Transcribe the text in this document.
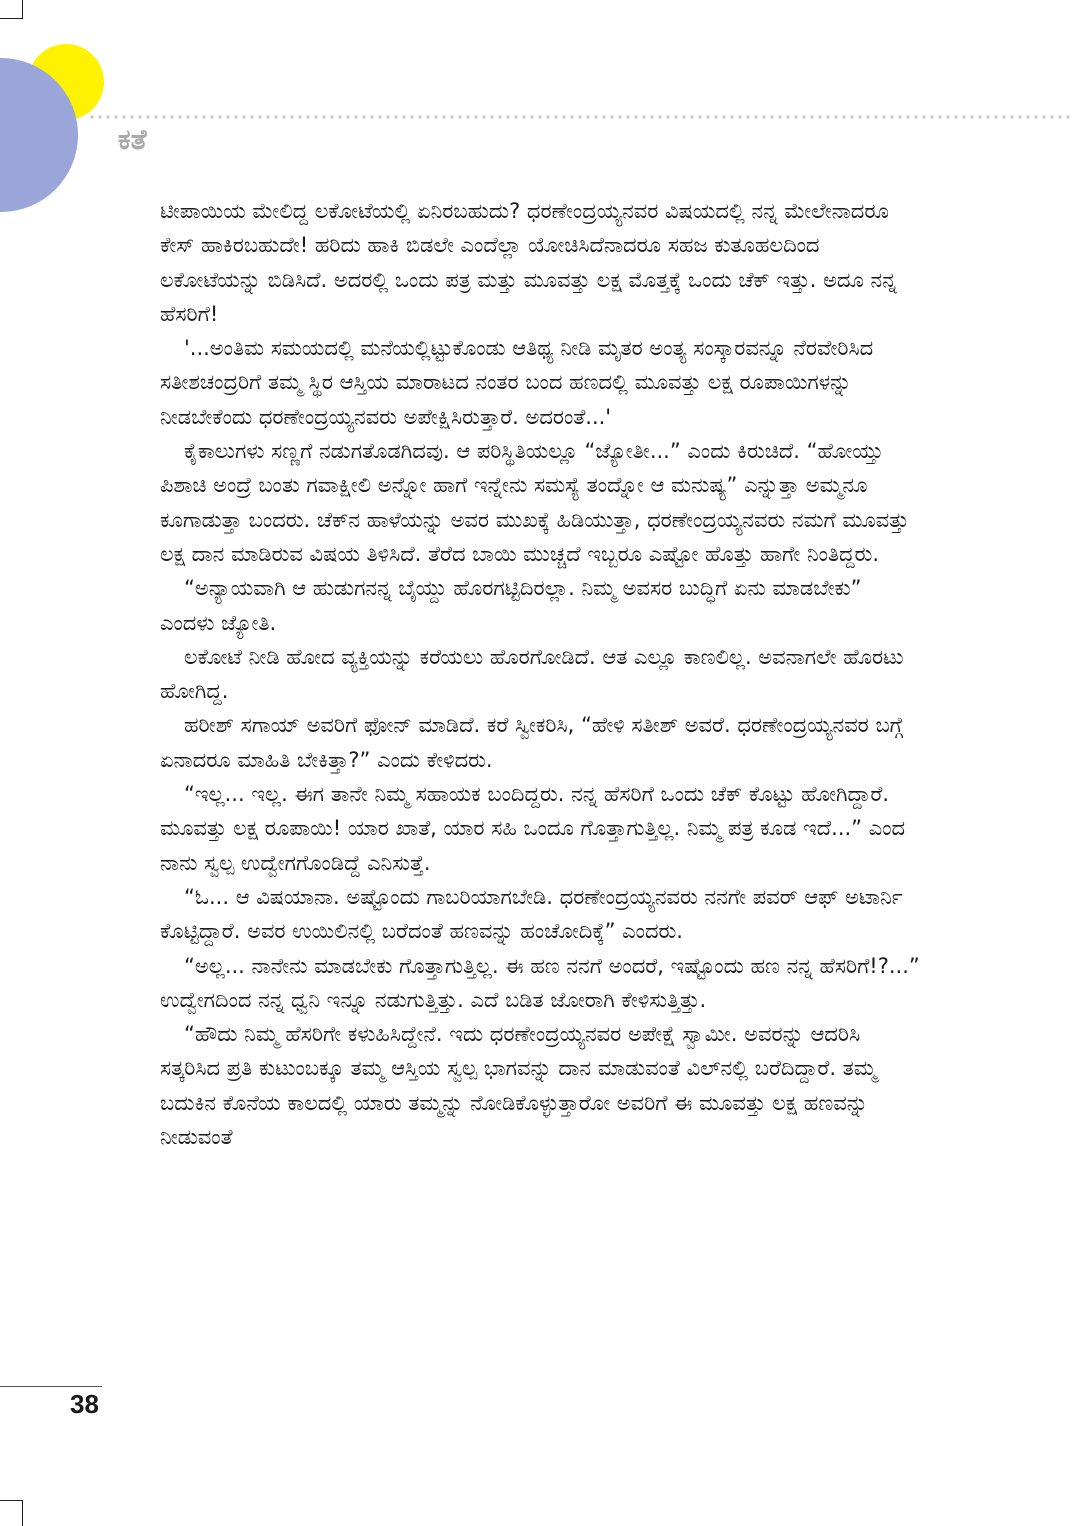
ಕತೆ

ಟೀಪಾಯಿಯ ಮೇಲಿದ್ದ ಲಕೋಟೆಯಲ್ಲಿ ಏನಿರಬಹುದು? ಧರಣೇಂದ್ರಯ್ಯನವರ ವಿಷಯದಲ್ಲಿ ನನ್ನ ಮೇಲೇನಾದರೂ ಕೇಸ್ ಹಾಕಿರಬಹುದೇ! ಹರಿದು ಹಾಕಿ ಬಿಡಲೇ ಎಂದೆಲ್ಲಾ ಯೋಚಿಸಿದೆನಾದರೂ ಸಹಜ ಕುತೂಹಲದಿಂದ ಲಕೋಟೆಯನ್ನು ಬಿಡಿಸಿದೆ. ಅದರಲ್ಲಿ ಒಂದು ಪತ್ರ ಮತ್ತು ಮೂವತ್ತು ಲಕ್ಷ ಮೊತ್ತಕ್ಕೆ ಒಂದು ಚೆಕ್ ಇತ್ತು. ಅದೂ ನನ್ನ ಹೆಸರಿಗೆ!

'...ಅಂತಿಮ ಸಮಯದಲ್ಲಿ ಮನೆಯಲ್ಲಿಟ್ಟುಕೊಂಡು ಆತಿಥ್ಯ ನೀಡಿ ಮೃತರ ಅಂತ್ಯ ಸಂಸ್ಕಾರವನ್ನೂ ನೆರವೇರಿಸಿದ ಸತೀಶಚಂದ್ರರಿಗೆ ತಮ್ಮ ಸ್ಥಿರ ಆಸ್ತಿಯ ಮಾರಾಟದ ನಂತರ ಬಂದ ಹಣದಲ್ಲಿ ಮೂವತ್ತು ಲಕ್ಷ ರೂಪಾಯಿಗಳನ್ನು ನೀಡಬೇಕೆಂದು ಧರಣೇಂದ್ರಯ್ಯನವರು ಅಪೇಕ್ಷಿಸಿರುತ್ತಾರೆ. ಅದರಂತೆ...'

ಕೈಕಾಲುಗಳು ಸಣ್ಣಗೆ ನಡುಗತೊಡಗಿದವು. ಆ ಪರಿಸ್ಥಿತಿಯಲ್ಲೂ “ಜ್ಯೋತೀ...” ಎಂದು ಕಿರುಚಿದೆ. “ಹೋಯ್ತು ಪಿಶಾಚಿ ಅಂದ್ರೆ ಬಂತು ಗವಾಕ್ಷೀಲಿ ಅನ್ನೋ ಹಾಗೆ ಇನ್ನೇನು ಸಮಸ್ಯೆ ತಂದ್ನೋ ಆ ಮನುಷ್ಯ” ಎನ್ನುತ್ತಾ ಅಮ್ಮನೂ ಕೂಗಾಡುತ್ತಾ ಬಂದರು. ಚೆಕ್‌ನ ಹಾಳೆಯನ್ನು ಅವರ ಮುಖಕ್ಕೆ ಹಿಡಿಯುತ್ತಾ, ಧರಣೇಂದ್ರಯ್ಯನವರು ನಮಗೆ ಮೂವತ್ತು ಲಕ್ಷ ದಾನ ಮಾಡಿರುವ ವಿಷಯ ತಿಳಿಸಿದೆ. ತೆರೆದ ಬಾಯಿ ಮುಚ್ಚದೆ ಇಬ್ಬರೂ ಎಷ್ಟೋ ಹೊತ್ತು ಹಾಗೇ ನಿಂತಿದ್ದರು.

“ಅನ್ಯಾಯವಾಗಿ ಆ ಹುಡುಗನನ್ನ ಬೈಯ್ದು ಹೊರಗಟ್ಟಿದಿರಲ್ಲಾ. ನಿಮ್ಮ ಅವಸರ ಬುದ್ಧಿಗೆ ಏನು ಮಾಡಬೇಕು” ಎಂದಳು ಜ್ಯೋತಿ.

ಲಕೋಟೆ ನೀಡಿ ಹೋದ ವ್ಯಕ್ತಿಯನ್ನು ಕರೆಯಲು ಹೊರಗೋಡಿದೆ. ಆತ ಎಲ್ಲೂ ಕಾಣಲಿಲ್ಲ. ಅವನಾಗಲೇ ಹೊರಟು ಹೋಗಿದ್ದ.

ಹರೀಶ್ ಸಗಾಯ್ ಅವರಿಗೆ ಫೋನ್ ಮಾಡಿದೆ. ಕರೆ ಸ್ವೀಕರಿಸಿ, “ಹೇಳಿ ಸತೀಶ್ ಅವರೆ. ಧರಣೇಂದ್ರಯ್ಯನವರ ಬಗ್ಗೆ ಏನಾದರೂ ಮಾಹಿತಿ ಬೇಕಿತ್ತಾ?” ಎಂದು ಕೇಳಿದರು.

“ಇಲ್ಲ... ಇಲ್ಲ. ಈಗ ತಾನೇ ನಿಮ್ಮ ಸಹಾಯಕ ಬಂದಿದ್ದರು. ನನ್ನ ಹೆಸರಿಗೆ ಒಂದು ಚೆಕ್ ಕೊಟ್ಟು ಹೋಗಿದ್ದಾರೆ. ಮೂವತ್ತು ಲಕ್ಷ ರೂಪಾಯಿ! ಯಾರ ಖಾತೆ, ಯಾರ ಸಹಿ ಒಂದೂ ಗೊತ್ತಾಗುತ್ತಿಲ್ಲ. ನಿಮ್ಮ ಪತ್ರ ಕೂಡ ಇದೆ...” ಎಂದ ನಾನು ಸ್ವಲ್ಪ ಉದ್ವೇಗಗೊಂಡಿದ್ದೆ ಎನಿಸುತ್ತೆ.

“ಓ... ಆ ವಿಷಯಾನಾ. ಅಷ್ಟೊಂದು ಗಾಬರಿಯಾಗಬೇಡಿ. ಧರಣೇಂದ್ರಯ್ಯನವರು ನನಗೇ ಪವರ್ ಆಫ್ ಅಟಾರ್ನಿ ಕೊಟ್ಟಿದ್ದಾರೆ. ಅವರ ಉಯಿಲಿನಲ್ಲಿ ಬರೆದಂತೆ ಹಣವನ್ನು ಹಂಚೋದಿಕ್ಕೆ” ಎಂದರು.

“ಅಲ್ಲ... ನಾನೇನು ಮಾಡಬೇಕು ಗೊತ್ತಾಗುತ್ತಿಲ್ಲ. ಈ ಹಣ ನನಗೆ ಅಂದರೆ, ಇಷ್ಟೊಂದು ಹಣ ನನ್ನ ಹೆಸರಿಗೆ!?...” ಉದ್ವೇಗದಿಂದ ನನ್ನ ಧ್ವನಿ ಇನ್ನೂ ನಡುಗುತ್ತಿತ್ತು. ಎದೆ ಬಡಿತ ಜೋರಾಗಿ ಕೇಳಿಸುತ್ತಿತ್ತು.

“ಹೌದು ನಿಮ್ಮ ಹೆಸರಿಗೇ ಕಳುಹಿಸಿದ್ದೇನೆ. ಇದು ಧರಣೇಂದ್ರಯ್ಯನವರ ಅಪೇಕ್ಷೆ ಸ್ವಾಮೀ. ಅವರನ್ನು ಆದರಿಸಿ ಸತ್ಕರಿಸಿದ ಪ್ರತಿ ಕುಟುಂಬಕ್ಕೂ ತಮ್ಮ ಆಸ್ತಿಯ ಸ್ವಲ್ಪ ಭಾಗವನ್ನು ದಾನ ಮಾಡುವಂತೆ ವಿಲ್‌ನಲ್ಲಿ ಬರೆದಿದ್ದಾರೆ. ತಮ್ಮ ಬದುಕಿನ ಕೊನೆಯ ಕಾಲದಲ್ಲಿ ಯಾರು ತಮ್ಮನ್ನು ನೋಡಿಕೊಳ್ಳುತ್ತಾರೋ ಅವರಿಗೆ ಈ ಮೂವತ್ತು ಲಕ್ಷ ಹಣವನ್ನು ನೀಡುವಂತೆ

38
